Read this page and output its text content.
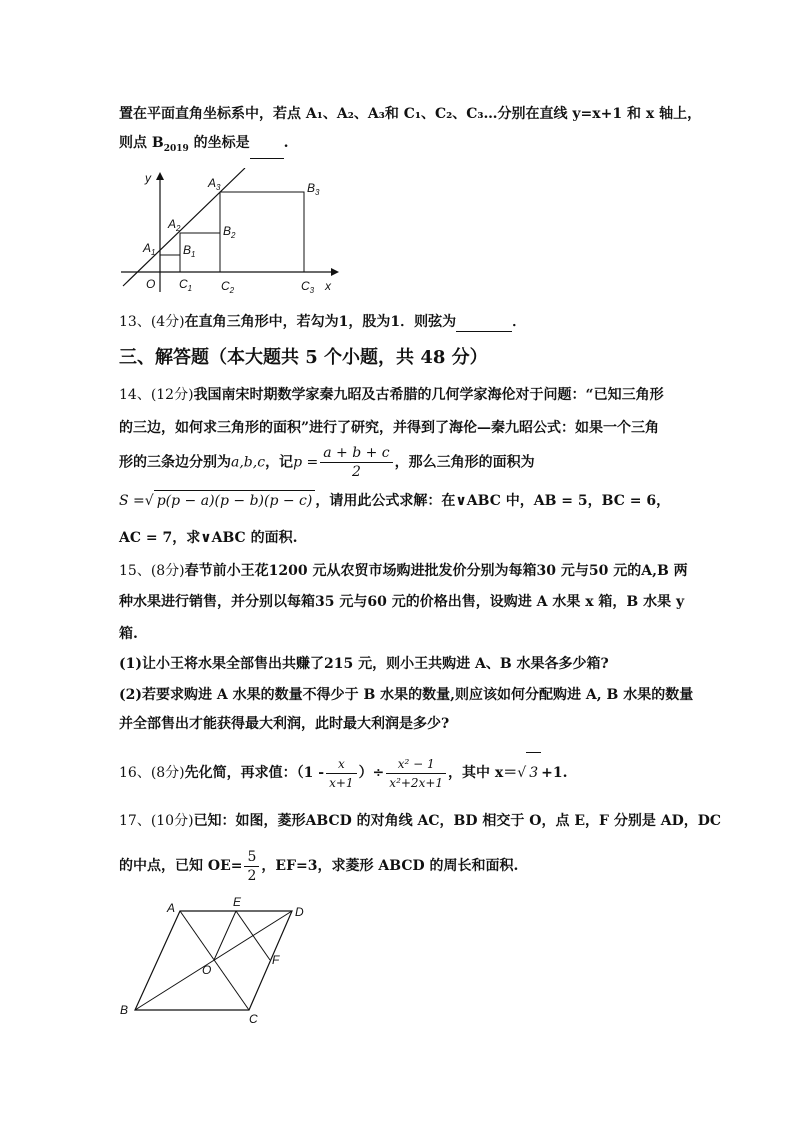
置在平面直角坐标系中，若点 A₁、A₂、A₃和 C₁、C₂、C₃…分别在直线 y=x+1 和 x 轴上，
则点 $B_{2019}$ 的坐标是 .
y
x
O
$A_1$
$A_2$
$A_3$
$B_1$
$B_2$
$B_3$
$C_1$ $C_2$	$C_3$
13、(4分)在直角三角形中，若勾为1，股为1．则弦为	．
三、解答题（本大题共 5 个小题，共 48 分）
14、(12分)我国南宋时期数学家秦九昭及古希腊的几何学家海伦对于问题：“已知三角形
的三边，如何求三角形的面积”进行了研究，并得到了海伦—秦九昭公式：如果一个三角
形的三条边分别为a,b,c，记$p = \frac{a + b + c}{2}$ ，那么三角形的面积为
S =√ p(p − a)(p − b)(p − c) ，请用此公式求解：在∨ABC 中，AB = 5，BC = 6，
AC = 7，求∨ABC 的面积.
15、(8分)春节前小王花1200 元从农贸市场购进批发价分别为每箱30 元与50 元的A,B 两
种水果进行销售，并分别以每箱35 元与60 元的价格出售，设购进 A 水果 x 箱，B 水果 y
箱.
(1)让小王将水果全部售出共赚了215 元，则小王共购进 A、B 水果各多少箱?
(2)若要求购进 A 水果的数量不得少于 B 水果的数量,则应该如何分配购进 A, B 水果的数量
并全部售出才能获得最大利润，此时最大利润是多少?
16、(8分)先化简，再求值：（$1 - \frac{x}{x+1}$ ）÷ $\frac{\text{x² − 1}}{\text{x²+2x+1}}$ ，其中 x＝√ 3 +1.
17、(10分)已知：如图，菱形ABCD 的对角线 AC，BD 相交于 O，点 E，F 分别是 AD，DC
的中点，已知 $OE= \frac{5}{2}$ ，EF=3，求菱形 ABCD 的周长和面积.
A	E
D
F
O
B
C
